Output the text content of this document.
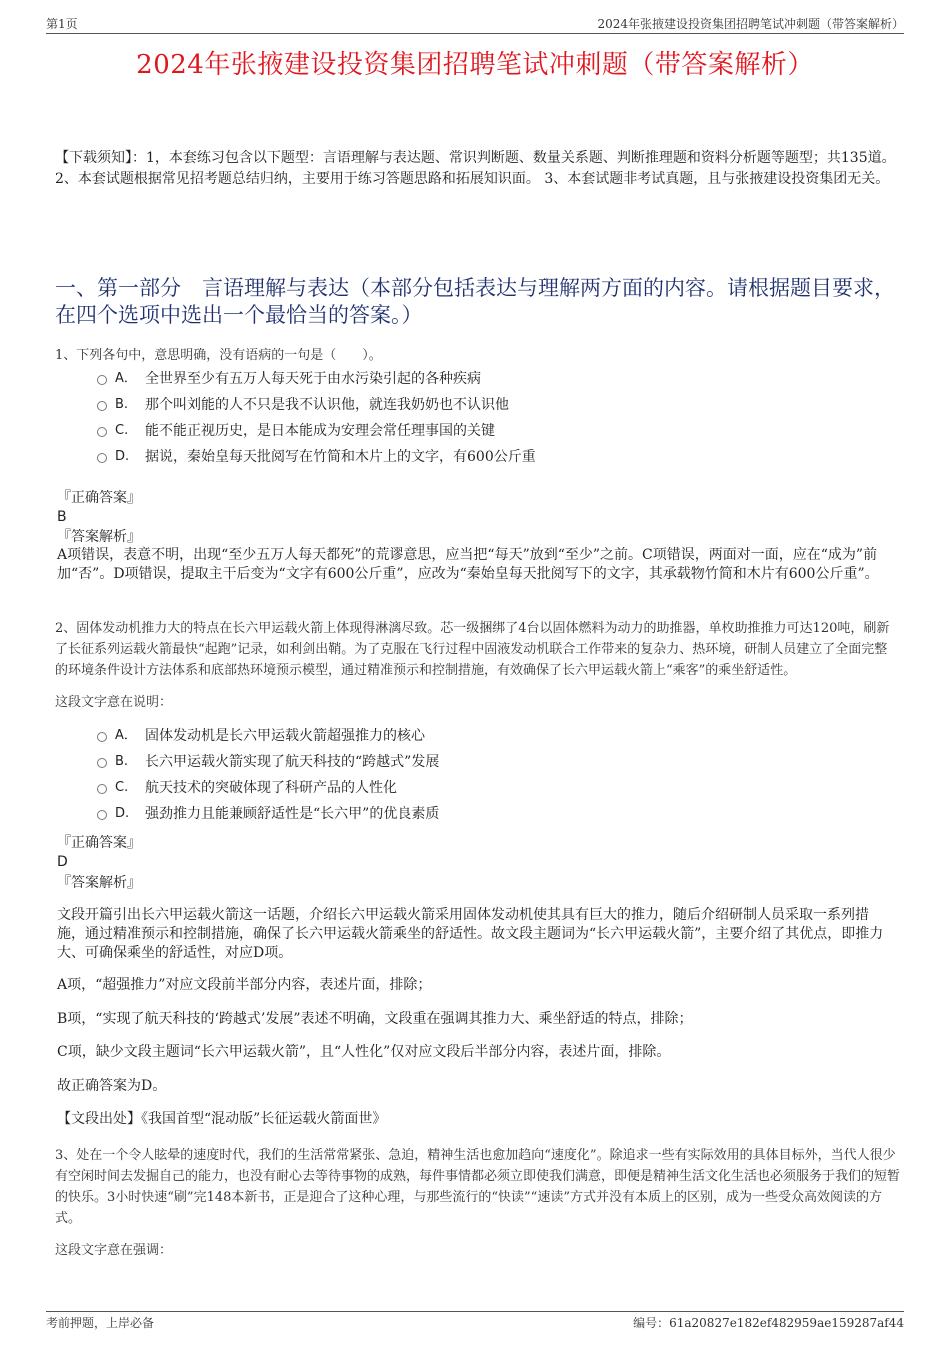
第1页	2024年张掖建设投资集团招聘笔试冲刺题（带答案解析）
2024年张掖建设投资集团招聘笔试冲刺题（带答案解析）
【下载须知】：1，本套练习包含以下题型：言语理解与表达题、常识判断题、数量关系题、判断推理题和资料分析题等题型；共135道。 2、本套试题根据常见招考题总结归纳，主要用于练习答题思路和拓展知识面。 3、本套试题非考试真题，且与张掖建设投资集团无关。
一、第一部分　言语理解与表达（本部分包括表达与理解两方面的内容。请根据题目要求，在四个选项中选出一个最恰当的答案。）
1、下列各句中，意思明确，没有语病的一句是（　　）。
A． 全世界至少有五万人每天死于由水污染引起的各种疾病
B. 那个叫刘能的人不只是我不认识他，就连我奶奶也不认识他
C. 能不能正视历史，是日本能成为安理会常任理事国的关键
D. 据说，秦始皇每天批阅写在竹简和木片上的文字，有600公斤重
『正确答案』
B
『答案解析』
A项错误，表意不明，出现“至少五万人每天都死”的荒谬意思，应当把“每天”放到“至少”之前。C项错误，两面对一面，应在“成为”前加“否”。D项错误，提取主干后变为“文字有600公斤重”，应改为“秦始皇每天批阅写下的文字，其承载物竹简和木片有600公斤重”。
2、固体发动机推力大的特点在长六甲运载火箭上体现得淋漓尽致。芯一级捆绑了4台以固体燃料为动力的助推器，单枚助推推力可达120吨，刷新了长征系列运载火箭最快“起跑”记录，如利剑出鞘。为了克服在飞行过程中固液发动机联合工作带来的复杂力、热环境，研制人员建立了全面完整的环境条件设计方法体系和底部热环境预示模型，通过精准预示和控制措施，有效确保了长六甲运载火箭上“乘客”的乘坐舒适性。
这段文字意在说明：
A． 固体发动机是长六甲运载火箭超强推力的核心
B. 长六甲运载火箭实现了航天科技的“跨越式”发展
C. 航天技术的突破体现了科研产品的人性化
D. 强劲推力且能兼顾舒适性是“长六甲”的优良素质
『正确答案』
D
『答案解析』
文段开篇引出长六甲运载火箭这一话题，介绍长六甲运载火箭采用固体发动机使其具有巨大的推力，随后介绍研制人员采取一系列措施，通过精准预示和控制措施，确保了长六甲运载火箭乘坐的舒适性。故文段主题词为“长六甲运载火箭”，主要介绍了其优点，即推力大、可确保乘坐的舒适性，对应D项。
A项，“超强推力”对应文段前半部分内容，表述片面，排除；
B项，“实现了航天科技的‘跨越式’发展”表述不明确，文段重在强调其推力大、乘坐舒适的特点，排除；
C项，缺少文段主题词“长六甲运载火箭”，且“人性化”仅对应文段后半部分内容，表述片面，排除。
故正确答案为D。
【文段出处】《我国首型“混动版”长征运载火箭面世》
3、处在一个令人眩晕的速度时代，我们的生活常常紧张、急迫，精神生活也愈加趋向“速度化”。除追求一些有实际效用的具体目标外，当代人很少有空闲时间去发掘自己的能力，也没有耐心去等待事物的成熟，每件事情都必须立即使我们满意，即便是精神生活文化生活也必须服务于我们的短暂的快乐。3小时快速“刷”完148本新书，正是迎合了这种心理，与那些流行的“快读”“速读”方式并没有本质上的区别，成为一些受众高效阅读的方式。
这段文字意在强调：
考前押题，上岸必备	编号：61a20827e182ef482959ae159287af44
